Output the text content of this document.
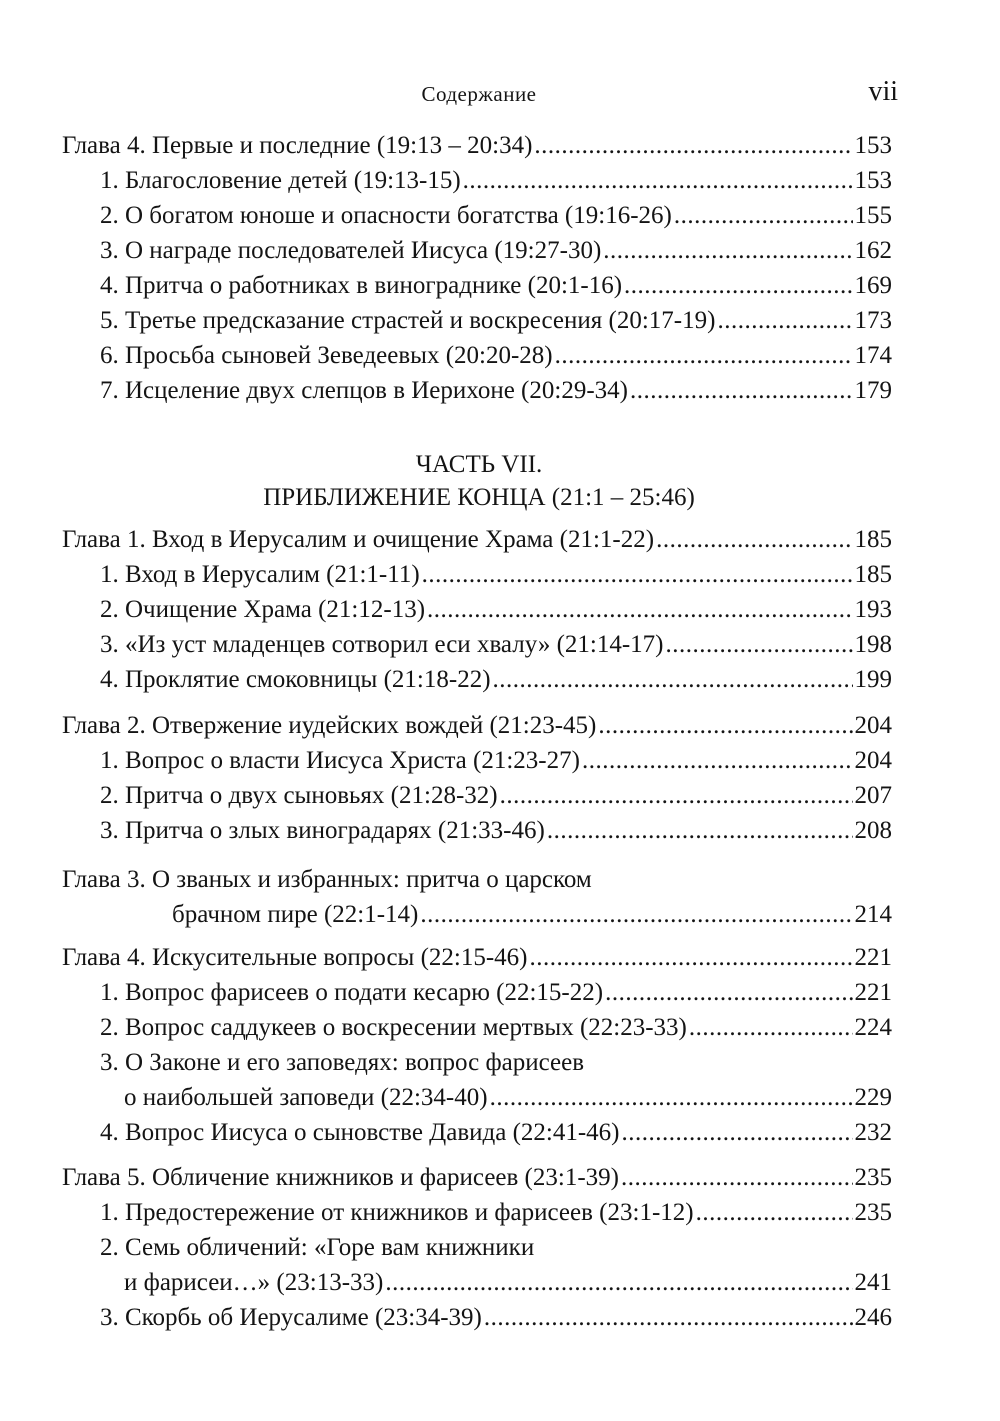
Содержание	vii
Глава 4. Первые и последние (19:13 – 20:34) .....	153
1. Благословение детей (19:13-15) .....	153
2. О богатом юноше и опасности богатства (19:16-26) .....	155
3. О награде последователей Иисуса (19:27-30) .....	162
4. Притча о работниках в винограднике (20:1-16) .....	169
5. Третье предсказание страстей и воскресения (20:17-19) .....	173
6. Просьба сыновей Зеведеевых (20:20-28) .....	174
7. Исцеление двух слепцов в Иерихоне (20:29-34) .....	179
ЧАСТЬ VII.
ПРИБЛИЖЕНИЕ КОНЦА (21:1 – 25:46)
Глава 1. Вход в Иерусалим и очищение Храма (21:1-22) .....	185
1. Вход в Иерусалим (21:1-11) .....	185
2. Очищение Храма (21:12-13) .....	193
3. «Из уст младенцев сотворил еси хвалу» (21:14-17) .....	198
4. Проклятие смоковницы (21:18-22) .....	199
Глава 2. Отвержение иудейских вождей (21:23-45) .....	204
1. Вопрос о власти Иисуса Христа (21:23-27) .....	204
2. Притча о двух сыновьях (21:28-32) .....	207
3. Притча о злых виноградарях (21:33-46) .....	208
Глава 3. О званых и избранных: притча о царском
брачном пире (22:1-14) .....	214
Глава 4. Искусительные вопросы (22:15-46) .....	221
1. Вопрос фарисеев о подати кесарю (22:15-22) .....	221
2. Вопрос саддукеев о воскресении мертвых (22:23-33) .....	224
3. О Законе и его заповедях: вопрос фарисеев
о наибольшей заповеди (22:34-40) .....	229
4. Вопрос Иисуса о сыновстве Давида (22:41-46) .....	232
Глава 5. Обличение книжников и фарисеев (23:1-39) .....	235
1. Предостережение от книжников и фарисеев (23:1-12) .....	235
2. Семь обличений: «Горе вам книжники
и фарисеи…» (23:13-33) .....	241
3. Скорбь об Иерусалиме (23:34-39) .....	246
